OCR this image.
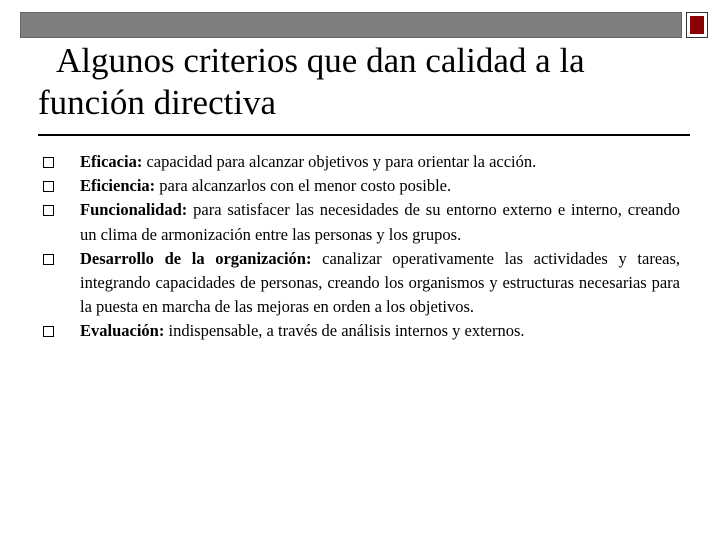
Algunos criterios que dan calidad a la
función directiva
Eficacia: capacidad para alcanzar objetivos y para orientar la acción.
Eficiencia: para alcanzarlos con el menor costo posible.
Funcionalidad: para satisfacer las necesidades de su entorno externo e interno, creando un clima de armonización entre las personas y los grupos.
Desarrollo de la organización: canalizar operativamente las actividades y tareas, integrando capacidades de personas, creando los organismos y estructuras necesarias para la puesta en marcha de las mejoras en orden a los objetivos.
Evaluación: indispensable, a través de análisis internos y externos.
